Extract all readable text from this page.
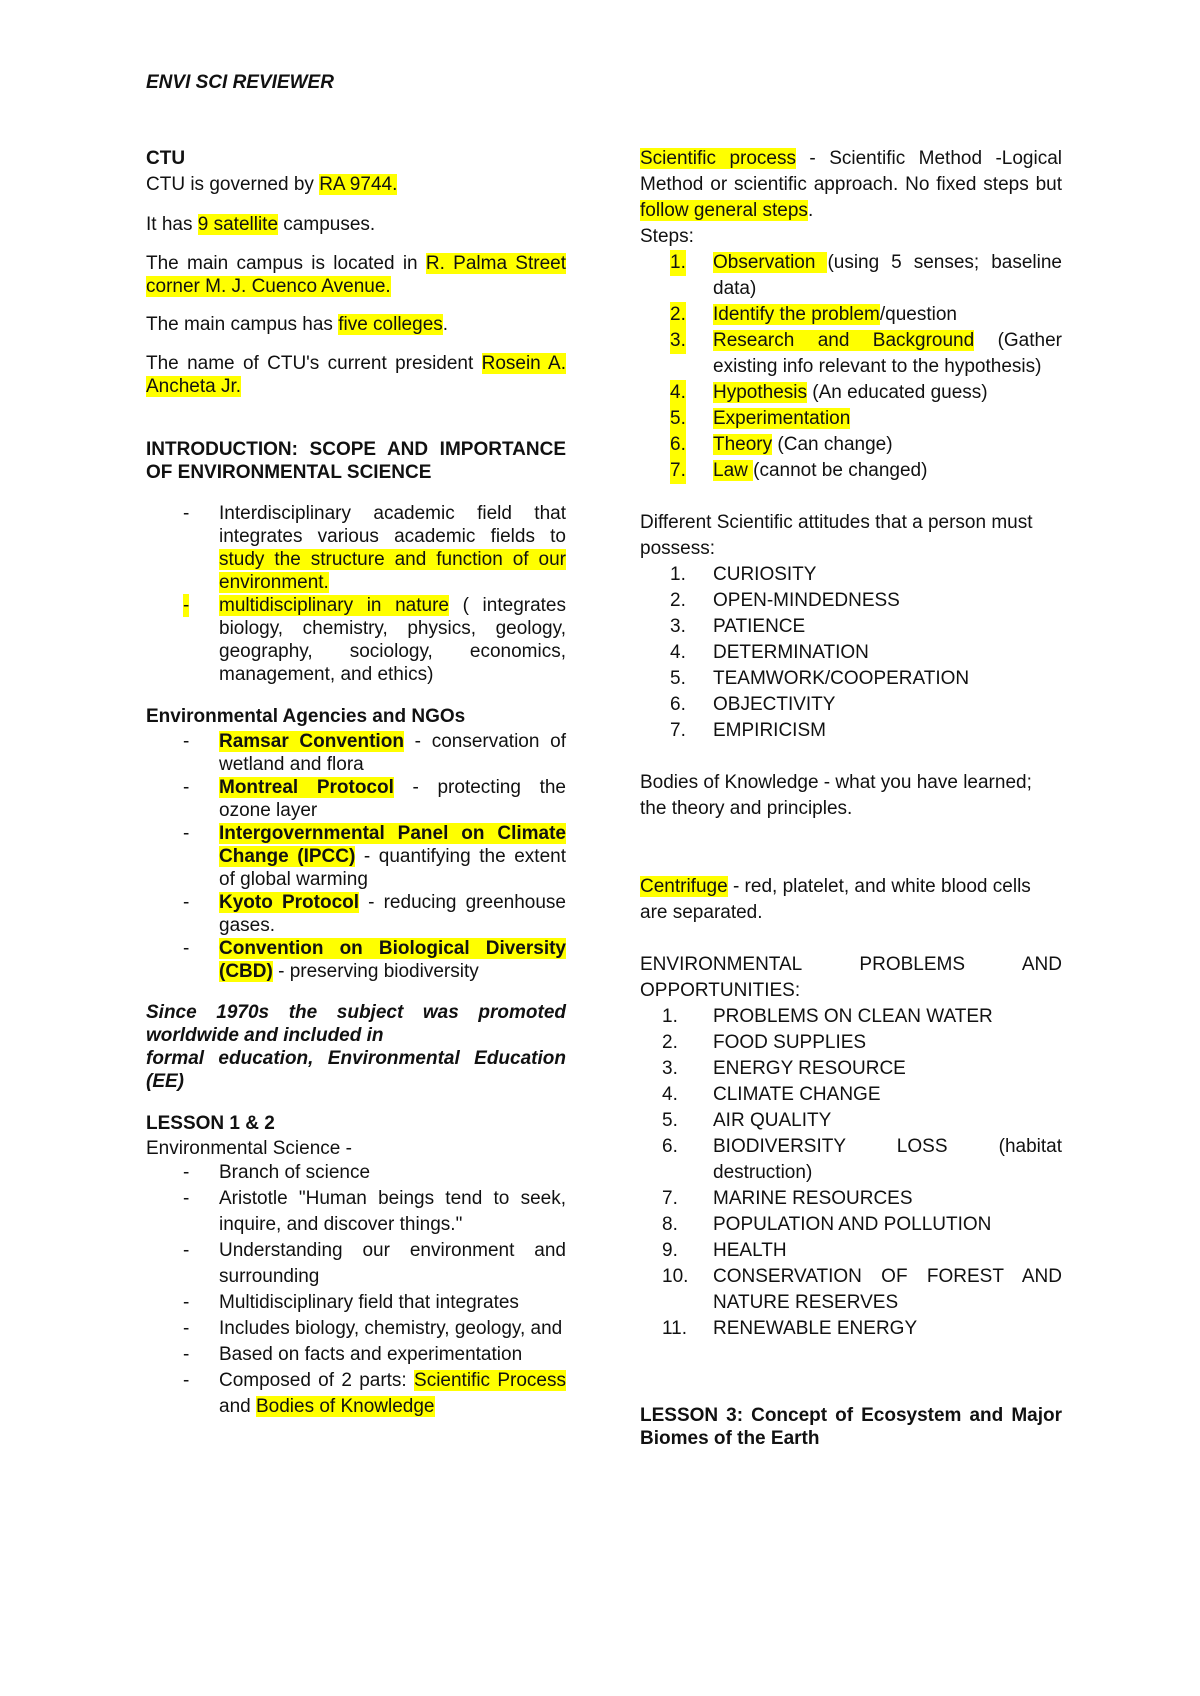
ENVI SCI REVIEWER

CTU

CTU is governed by RA 9744.

It has 9 satellite campuses.

The main campus is located in R. Palma Street corner M. J. Cuenco Avenue.

The main campus has five colleges.

The name of CTU's current president Rosein A. Ancheta Jr.

INTRODUCTION: SCOPE AND IMPORTANCE OF ENVIRONMENTAL SCIENCE

- Interdisciplinary academic field that integrates various academic fields to study the structure and function of our environment.
- multidisciplinary in nature ( integrates biology, chemistry, physics, geology, geography, sociology, economics, management, and ethics)

Environmental Agencies and NGOs

- Ramsar Convention - conservation of wetland and flora
- Montreal Protocol - protecting the ozone layer
- Intergovernmental Panel on Climate Change (IPCC) - quantifying the extent of global warming
- Kyoto Protocol - reducing greenhouse gases.
- Convention on Biological Diversity (CBD) - preserving biodiversity

Since 1970s the subject was promoted worldwide and included in

formal education, Environmental Education (EE)

LESSON 1 & 2

Environmental Science -

- Branch of science
- Aristotle "Human beings tend to seek, inquire, and discover things."
- Understanding our environment and surrounding
- Multidisciplinary field that integrates
- Includes biology, chemistry, geology, and
- Based on facts and experimentation
- Composed of 2 parts: Scientific Process and Bodies of Knowledge

Scientific process - Scientific Method -Logical Method or scientific approach. No fixed steps but follow general steps.

Steps:

1. Observation (using 5 senses; baseline data)
2. Identify the problem/question
3. Research and Background (Gather existing info relevant to the hypothesis)
4. Hypothesis (An educated guess)
5. Experimentation
6. Theory (Can change)
7. Law (cannot be changed)

Different Scientific attitudes that a person must possess:

1. CURIOSITY
2. OPEN-MINDEDNESS
3. PATIENCE
4. DETERMINATION
5. TEAMWORK/COOPERATION
6. OBJECTIVITY
7. EMPIRICISM

Bodies of Knowledge - what you have learned; the theory and principles.

Centrifuge - red, platelet, and white blood cells are separated.

ENVIRONMENTAL PROBLEMS AND OPPORTUNITIES:

1. PROBLEMS ON CLEAN WATER
2. FOOD SUPPLIES
3. ENERGY RESOURCE
4. CLIMATE CHANGE
5. AIR QUALITY
6. BIODIVERSITY LOSS (habitat destruction)
7. MARINE RESOURCES
8. POPULATION AND POLLUTION
9. HEALTH
10. CONSERVATION OF FOREST AND NATURE RESERVES
11. RENEWABLE ENERGY

LESSON 3: Concept of Ecosystem and Major Biomes of the Earth
